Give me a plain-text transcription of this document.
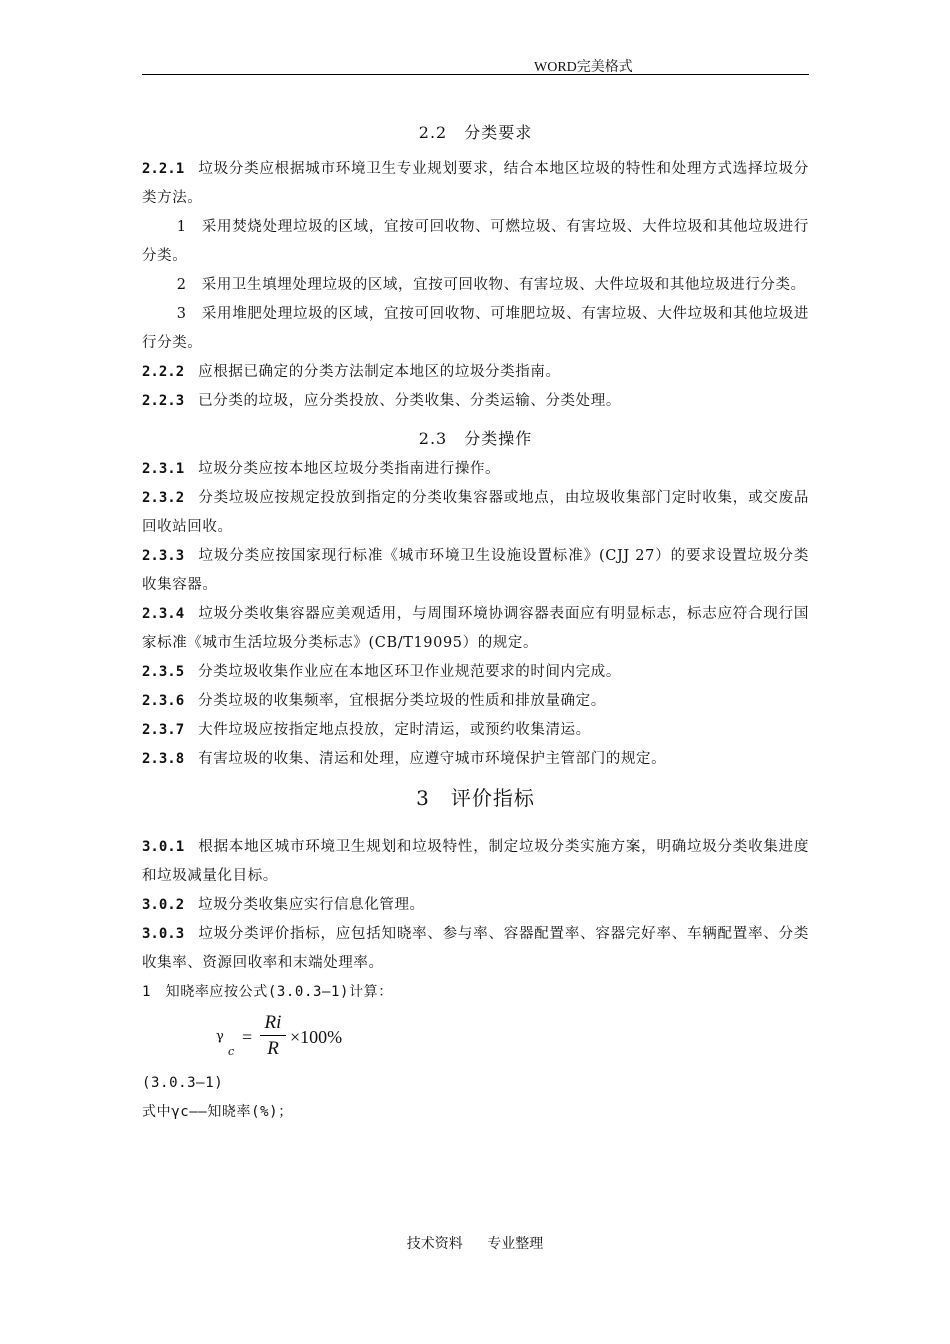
WORD完美格式
2.2　分类要求

2.2.1 垃圾分类应根据城市环境卫生专业规划要求，结合本地区垃圾的特性和处理方式选择垃圾分类方法。

1　采用焚烧处理垃圾的区域，宜按可回收物、可燃垃圾、有害垃圾、大件垃圾和其他垃圾进行分类。

2　采用卫生填埋处理垃圾的区域，宜按可回收物、有害垃圾、大件垃圾和其他垃圾进行分类。

3　采用堆肥处理垃圾的区域，宜按可回收物、可堆肥垃圾、有害垃圾、大件垃圾和其他垃圾进行分类。

2.2.2 应根据已确定的分类方法制定本地区的垃圾分类指南。

2.2.3 已分类的垃圾，应分类投放、分类收集、分类运输、分类处理。

2.3　分类操作

2.3.1 垃圾分类应按本地区垃圾分类指南进行操作。

2.3.2 分类垃圾应按规定投放到指定的分类收集容器或地点，由垃圾收集部门定时收集，或交废品回收站回收。

2.3.3 垃圾分类应按国家现行标准《城市环境卫生设施设置标准》(CJJ 27）的要求设置垃圾分类收集容器。

2.3.4 垃圾分类收集容器应美观适用，与周围环境协调容器表面应有明显标志，标志应符合现行国家标准《城市生活垃圾分类标志》(CB/T19095）的规定。

2.3.5 分类垃圾收集作业应在本地区环卫作业规范要求的时间内完成。

2.3.6 分类垃圾的收集频率，宜根据分类垃圾的性质和排放量确定。

2.3.7 大件垃圾应按指定地点投放，定时清运，或预约收集清运。

2.3.8 有害垃圾的收集、清运和处理，应遵守城市环境保护主管部门的规定。

3　评价指标

3.0.1 根据本地区城市环境卫生规划和垃圾特性，制定垃圾分类实施方案，明确垃圾分类收集进度和垃圾减量化目标。

3.0.2 垃圾分类收集应实行信息化管理。

3.0.3 垃圾分类评价指标，应包括知晓率、参与率、容器配置率、容器完好率、车辆配置率、分类收集率、资源回收率和末端处理率。

1　知晓率应按公式(3.0.3—1)计算：

γ
c
= $\frac{Ri}{R} \times 100\%$

(3.0.3—1)

式中γc——知晓率(%)；

技术资料 专业整理
